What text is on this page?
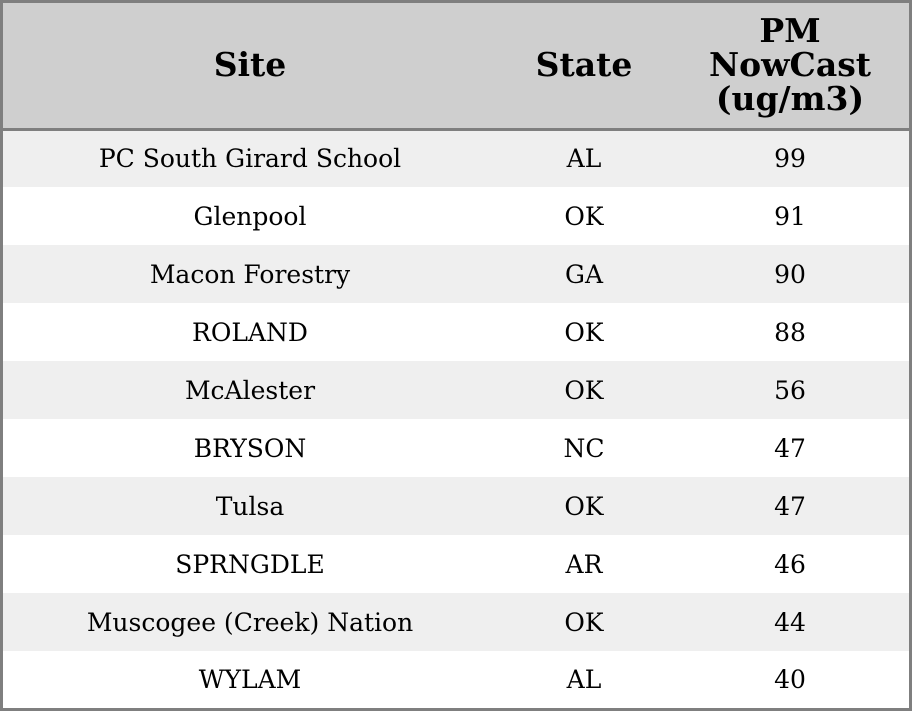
Site	State	PM
NowCast
(ug/m3)

PC South Girard School	AL	99
Glenpool	OK	91
Macon Forestry	GA	90
ROLAND	OK	88
McAlester	OK	56
BRYSON	NC	47
Tulsa	OK	47
SPRNGDLE	AR	46
Muscogee (Creek) Nation	OK	44
WYLAM	AL	40
